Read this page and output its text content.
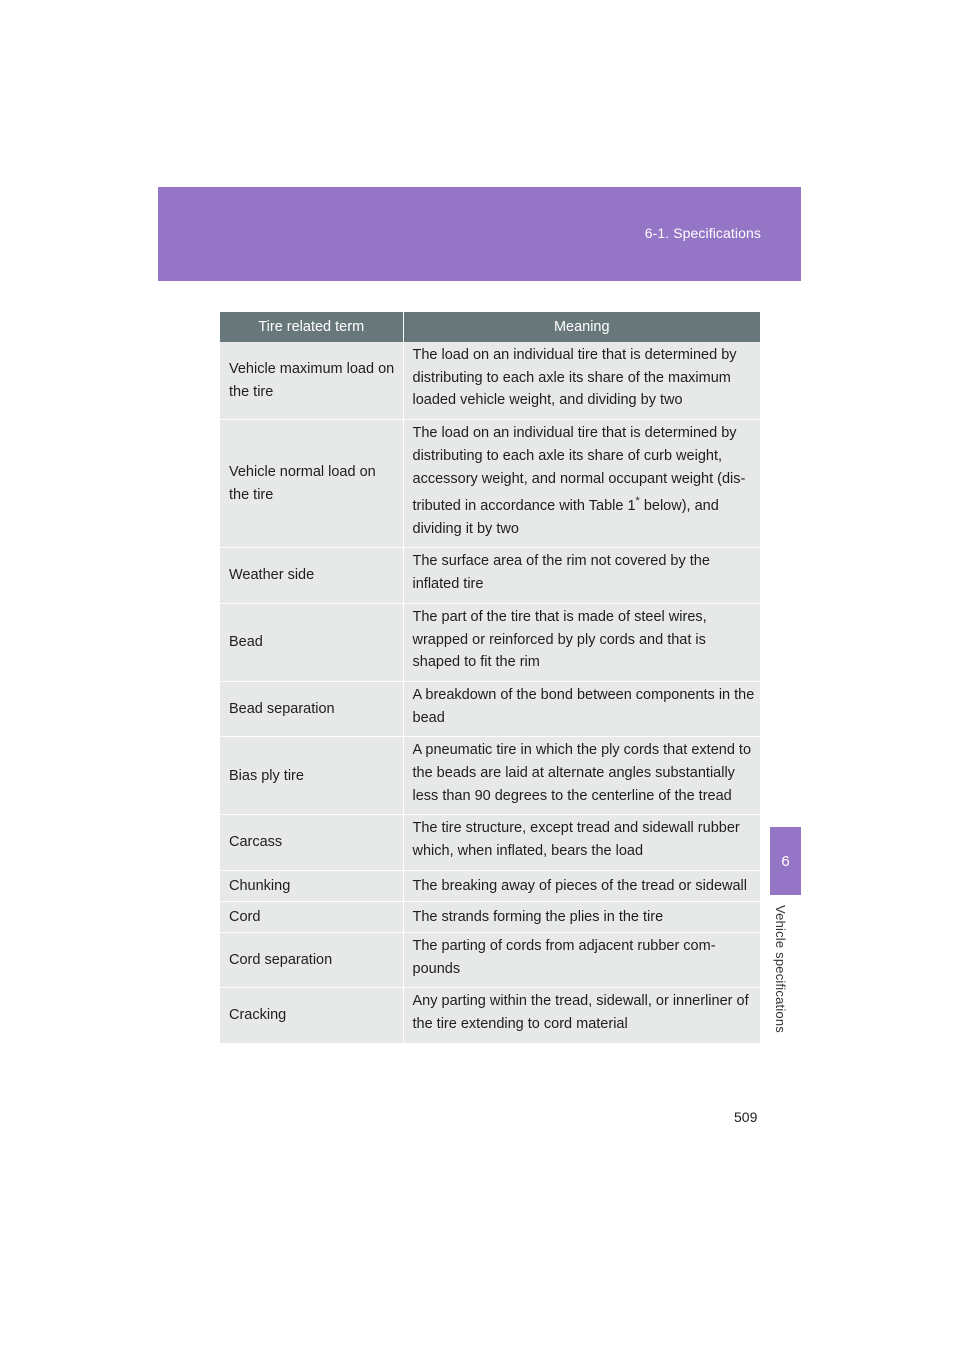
6-1. Specifications
6
Vehicle specifications
Tire related term	Meaning
Vehicle maximum load on the tire	The load on an individual tire that is determined by distributing to each axle its share of the maximum loaded vehicle weight, and dividing by two
Vehicle normal load on the tire	The load on an individual tire that is determined by distributing to each axle its share of curb weight, accessory weight, and normal occupant weight (dis- tributed in accordance with Table 1* below), and dividing it by two
Weather side	The surface area of the rim not covered by the inflated tire
Bead	The part of the tire that is made of steel wires, wrapped or reinforced by ply cords and that is shaped to fit the rim
Bead separation	A breakdown of the bond between components in the bead
Bias ply tire	A pneumatic tire in which the ply cords that extend to the beads are laid at alternate angles substantially less than 90 degrees to the centerline of the tread
Carcass	The tire structure, except tread and sidewall rubber which, when inflated, bears the load
Chunking	The breaking away of pieces of the tread or sidewall
Cord	The strands forming the plies in the tire
Cord separation	The parting of cords from adjacent rubber com- pounds
Cracking	Any parting within the tread, sidewall, or innerliner of the tire extending to cord material
509
